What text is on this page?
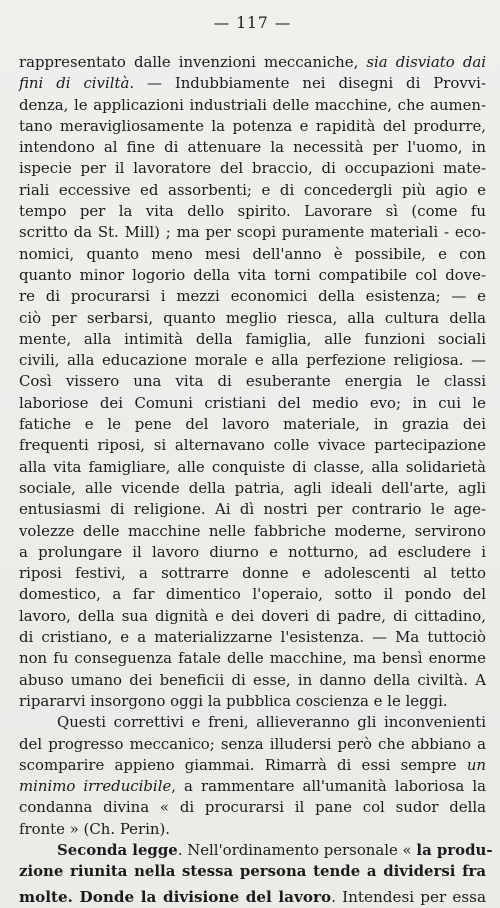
— 117 —
rappresentato dalle invenzioni meccaniche, sia disviato dai
fini di civiltà. — Indubbiamente nei disegni di Provvi-
denza, le applicazioni industriali delle macchine, che aumen-
tano meravigliosamente la potenza e rapidità del produrre,
intendono al fine di attenuare la necessità per l'uomo, in
ispecie per il lavoratore del braccio, di occupazioni mate-
riali eccessive ed assorbenti; e di concedergli più agio e
tempo per la vita dello spirito. Lavorare sì (come fu
scritto da St. Mill) ; ma per scopi puramente materiali - eco-
nomici, quanto meno mesi dell'anno è possibile, e con
quanto minor logorio della vita torni compatibile col dove-
re di procurarsi i mezzi economici della esistenza; — e
ciò per serbarsi, quanto meglio riesca, alla cultura della
mente, alla intimità della famiglia, alle funzioni sociali
civili, alla educazione morale e alla perfezione religiosa. —
Così vissero una vita di esuberante energia le classi
laboriose dei Comuni cristiani del medio evo; in cui le
fatiche e le pene del lavoro materiale, in grazia dei
frequenti riposi, si alternavano colle vivace partecipazione
alla vita famigliare, alle conquiste di classe, alla solidarietà
sociale, alle vicende della patria, agli ideali dell'arte, agli
entusiasmi di religione. Ai dì nostri per contrario le age-
volezze delle macchine nelle fabbriche moderne, servirono
a prolungare il lavoro diurno e notturno, ad escludere i
riposi festivi, a sottrarre donne e adolescenti al tetto
domestico, a far dimentico l'operaio, sotto il pondo del
lavoro, della sua dignità e dei doveri di padre, di cittadino,
di cristiano, e a materializzarne l'esistenza. — Ma tuttociò
non fu conseguenza fatale delle macchine, ma bensì enorme
abuso umano dei beneficii di esse, in danno della civiltà. A
ripararvi insorgono oggi la pubblica coscienza e le leggi.
Questi correttivi e freni, allieveranno gli inconvenienti
del progresso meccanico; senza illudersi però che abbiano a
scomparire appieno giammai. Rimarrà di essi sempre un
minimo irreducibile, a rammentare all'umanità laboriosa la
condanna divina « di procurarsi il pane col sudor della
fronte » (Ch. Perin).
Seconda legge. Nell'ordinamento personale « la produ-
zione riunita nella stessa persona tende a dividersi fra
molte. Donde la divisione del lavoro. Intendesi per essa
